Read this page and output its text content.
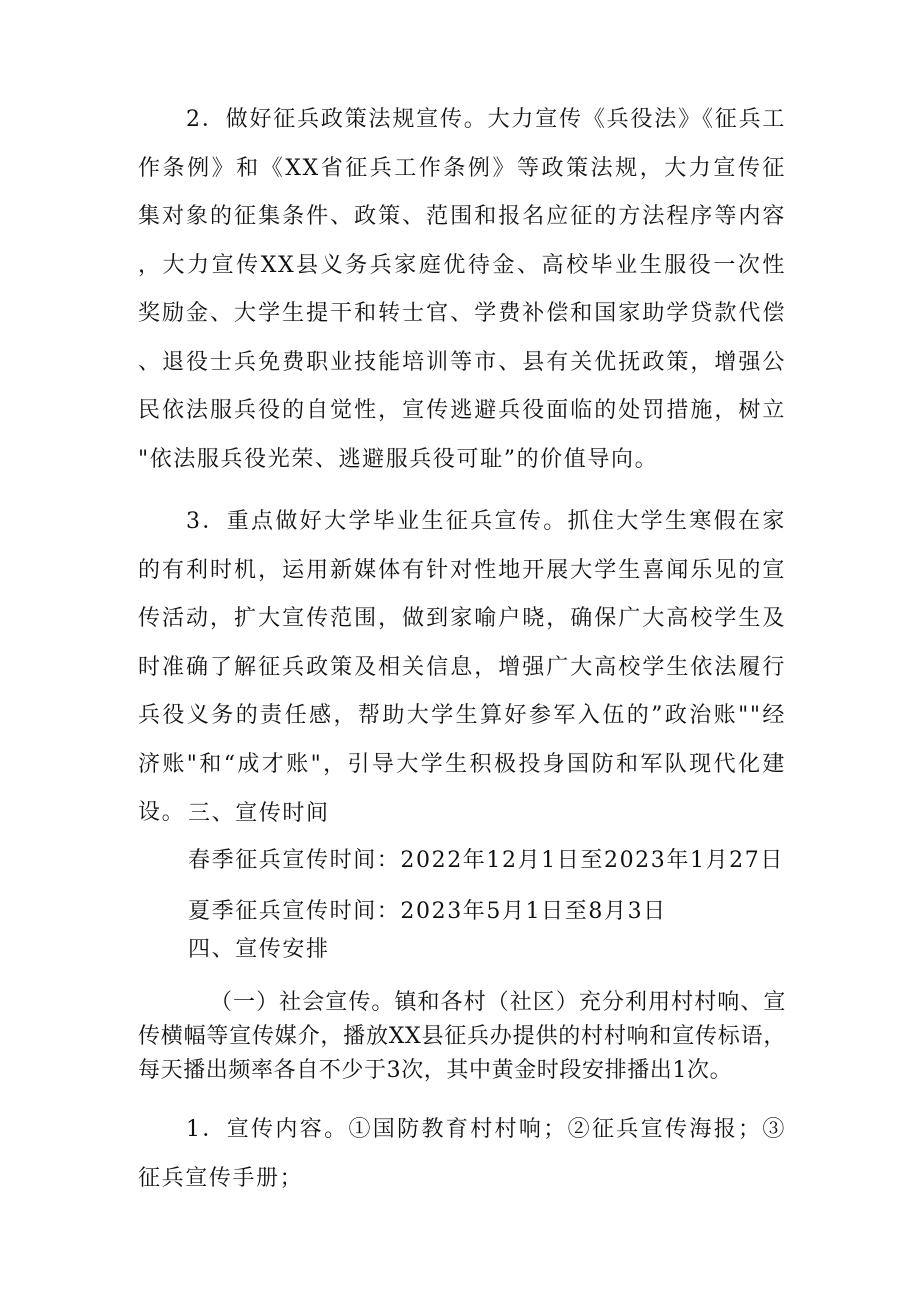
2．做好征兵政策法规宣传。大力宣传《兵役法》《征兵工作条例》和《XX省征兵工作条例》等政策法规，大力宣传征集对象的征集条件、政策、范围和报名应征的方法程序等内容，大力宣传XX县义务兵家庭优待金、高校毕业生服役一次性奖励金、大学生提干和转士官、学费补偿和国家助学贷款代偿、退役士兵免费职业技能培训等市、县有关优抚政策，增强公民依法服兵役的自觉性，宣传逃避兵役面临的处罚措施，树立"依法服兵役光荣、逃避服兵役可耻”的价值导向。

3．重点做好大学毕业生征兵宣传。抓住大学生寒假在家的有利时机，运用新媒体有针对性地开展大学生喜闻乐见的宣传活动，扩大宣传范围，做到家喻户晓，确保广大高校学生及时准确了解征兵政策及相关信息，增强广大高校学生依法履行兵役义务的责任感，帮助大学生算好参军入伍的”政治账""经济账"和“成才账"，引导大学生积极投身国防和军队现代化建设。 三、宣传时间

春季征兵宣传时间：2022年12月1日至2023年1月27日

夏季征兵宣传时间：2023年5月1日至8月3日

四、宣传安排

（一）社会宣传。镇和各村（社区）充分利用村村响、宣传横幅等宣传媒介，播放XX县征兵办提供的村村响和宣传标语，每天播出频率各自不少于3次，其中黄金时段安排播出1次。

1．宣传内容。①国防教育村村响；②征兵宣传海报；③征兵宣传手册；
